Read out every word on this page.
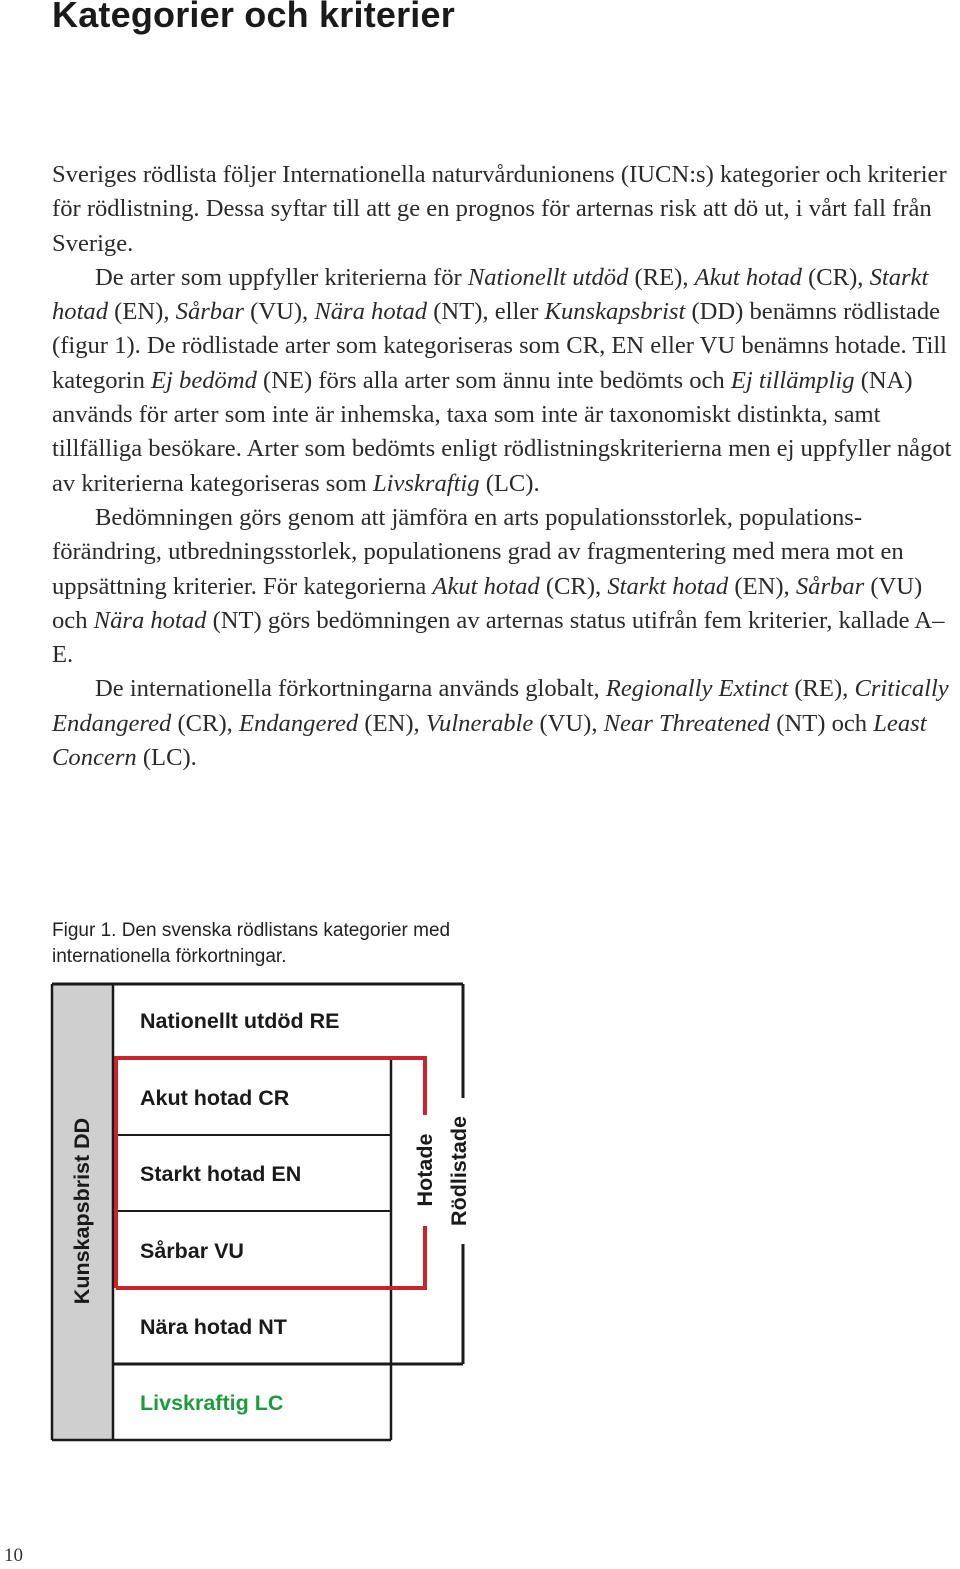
Kategorier och kriterier

Sveriges rödlista följer Internationella naturvårdunionens (IUCN:s) kategorier och kriterier för rödlistning. Dessa syftar till att ge en prognos för arternas risk att dö ut, i vårt fall från Sverige.

De arter som uppfyller kriterierna för Nationellt utdöd (RE), Akut hotad (CR), Starkt hotad (EN), Sårbar (VU), Nära hotad (NT), eller Kunskapsbrist (DD) benämns rödlistade (figur 1). De rödlistade arter som kategoriseras som CR, EN eller VU benämns hotade. Till kategorin Ej bedömd (NE) förs alla arter som ännu inte bedömts och Ej tillämplig (NA) används för arter som inte är inhemska, taxa som inte är taxonomiskt distinkta, samt tillfälliga besökare. Arter som bedömts enligt rödlistningskriterierna men ej uppfyller något av kriterierna kategoriseras som Livskraftig (LC).

Bedömningen görs genom att jämföra en arts populationsstorlek, populationsförändring, utbredningsstorlek, populationens grad av fragmentering med mera mot en uppsättning kriterier. För kategorierna Akut hotad (CR), Starkt hotad (EN), Sårbar (VU) och Nära hotad (NT) görs bedömningen av arternas status utifrån fem kriterier, kallade A–E.

De internationella förkortningarna används globalt, Regionally Extinct (RE), Critically Endangered (CR), Endangered (EN), Vulnerable (VU), Near Threatened (NT) och Least Concern (LC).

Figur 1. Den svenska rödlistans kategorier med internationella förkortningar.
Nationellt utdöd RE
Akut hotad CR
Starkt hotad EN
Sårbar VU
Nära hotad NT
Livskraftig LC
Kunskapsbrist DD	Hotade Rödlistade
10
